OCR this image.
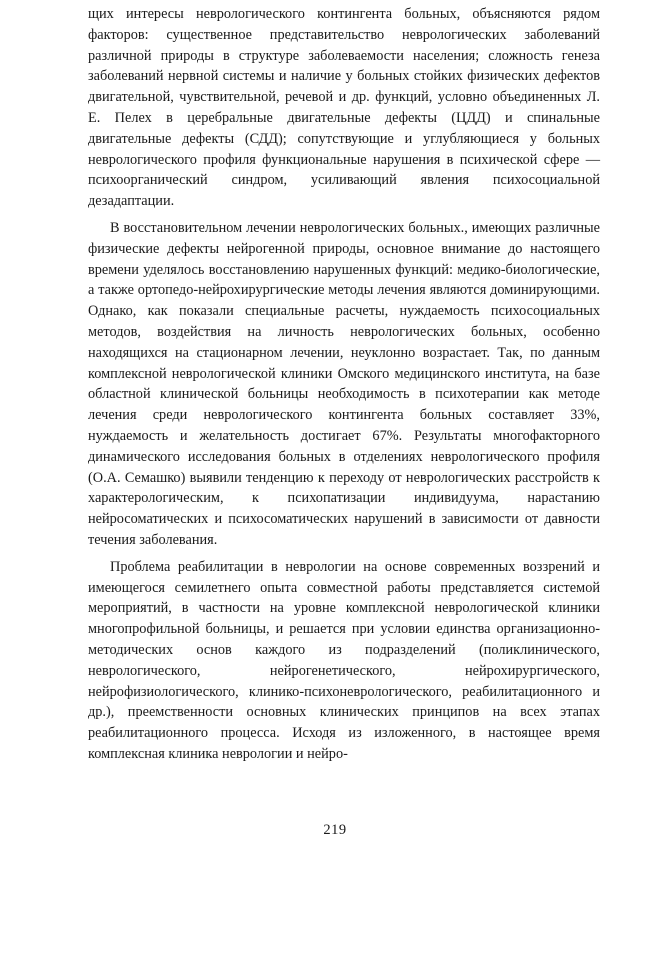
щих интересы неврологического контингента больных, объясняются рядом факторов: существенное представительство неврологических заболеваний различной природы в структуре заболеваемости населения; сложность генеза заболеваний нервной системы и наличие у больных стойких физических дефектов двигательной, чувствительной, речевой и др. функций, условно объединенных Л. Е. Пелех в церебральные двигательные дефекты (ЦДД) и спинальные двигательные дефекты (СДД); сопутствующие и углубляющиеся у больных неврологического профиля функциональные нарушения в психической сфере — психоорганический синдром, усиливающий явления психосоциальной дезадаптации.

В восстановительном лечении неврологических больных., имеющих различные физические дефекты нейрогенной природы, основное внимание до настоящего времени уделялось восстановлению нарушенных функций: медико-биологические, а также ортопедо-нейрохирургические методы лечения являются доминирующими. Однако, как показали специальные расчеты, нуждаемость психосоциальных методов, воздействия на личность неврологических больных, особенно находящихся на стационарном лечении, неуклонно возрастает. Так, по данным комплексной неврологической клиники Омского медицинского института, на базе областной клинической больницы необходимость в психотерапии как методе лечения среди неврологического контингента больных составляет 33%, нуждаемость и желательность достигает 67%. Результаты многофакторного динамического исследования больных в отделениях неврологического профиля (О.А. Семашко) выявили тенденцию к переходу от неврологических расстройств к характерологическим, к психопатизации индивидуума, нарастанию нейросоматических и психосоматических нарушений в зависимости от давности течения заболевания.

Проблема реабилитации в неврологии на основе современных воззрений и имеющегося семилетнего опыта совместной работы представляется системой мероприятий, в частности на уровне комплексной неврологической клиники многопрофильной больницы, и решается при условии единства организационно-методических основ каждого из подразделений (поликлинического, неврологического, нейрогенетического, нейрохирургического, нейрофизиологического, клинико-психоневрологического, реабилитационного и др.), преемственности основных клинических принципов на всех этапах реабилитационного процесса. Исходя из изложенного, в настоящее время комплексная клиника неврологии и нейро-

219
